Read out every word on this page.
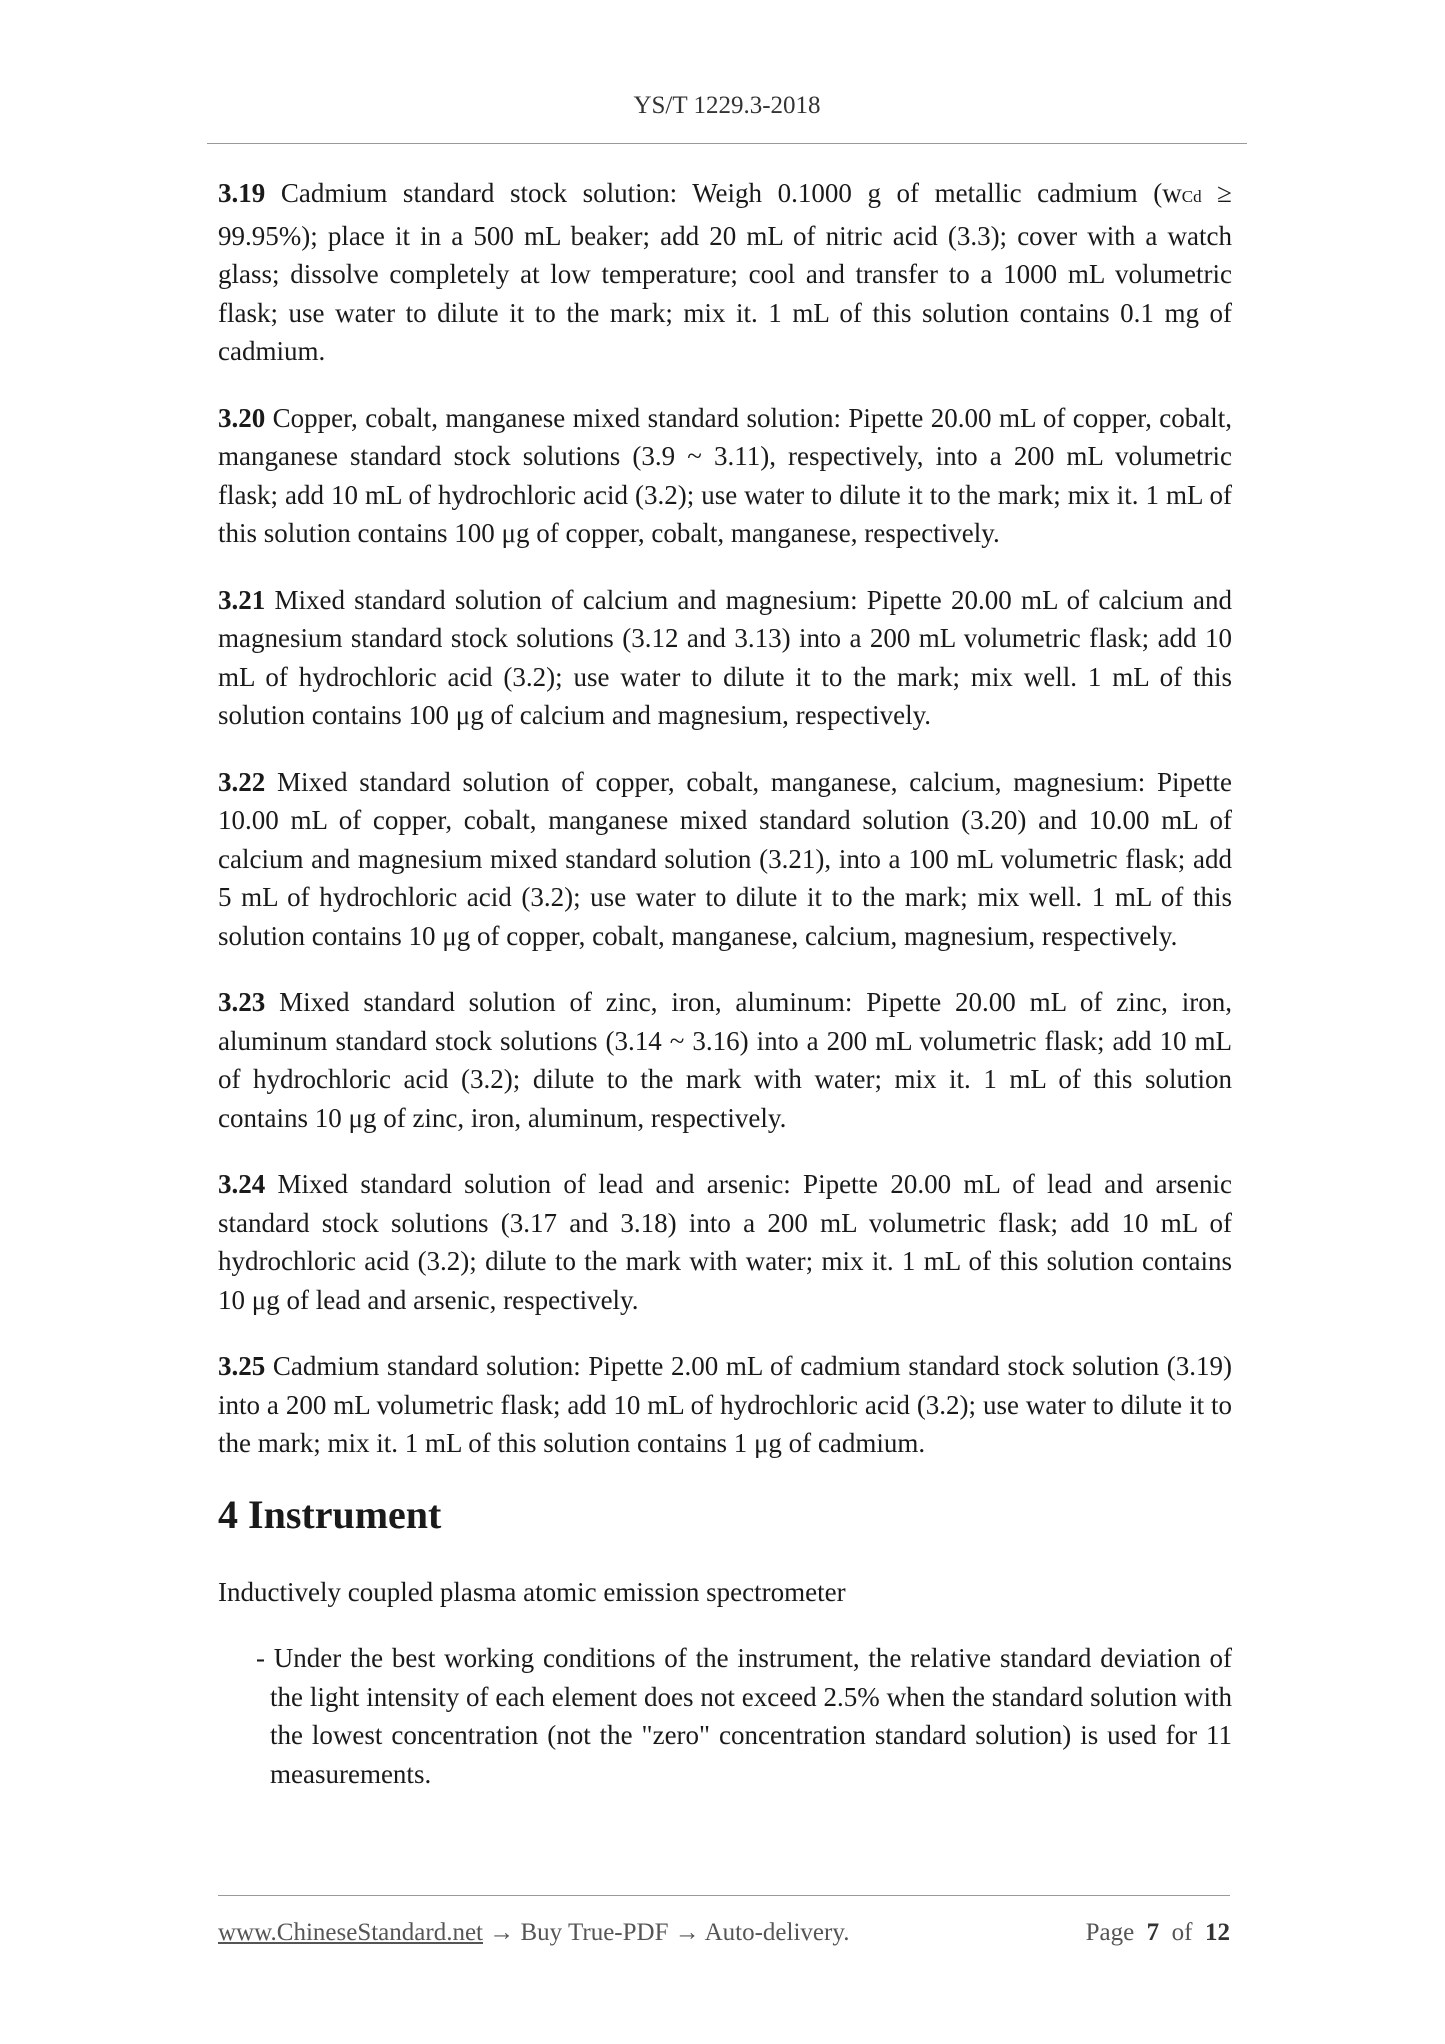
YS/T 1229.3-2018

3.19 Cadmium standard stock solution: Weigh 0.1000 g of metallic cadmium (wCd ≥ 99.95%); place it in a 500 mL beaker; add 20 mL of nitric acid (3.3); cover with a watch glass; dissolve completely at low temperature; cool and transfer to a 1000 mL volumetric flask; use water to dilute it to the mark; mix it. 1 mL of this solution contains 0.1 mg of cadmium.

3.20 Copper, cobalt, manganese mixed standard solution: Pipette 20.00 mL of copper, cobalt, manganese standard stock solutions (3.9 ~ 3.11), respectively, into a 200 mL volumetric flask; add 10 mL of hydrochloric acid (3.2); use water to dilute it to the mark; mix it. 1 mL of this solution contains 100 μg of copper, cobalt, manganese, respectively.

3.21 Mixed standard solution of calcium and magnesium: Pipette 20.00 mL of calcium and magnesium standard stock solutions (3.12 and 3.13) into a 200 mL volumetric flask; add 10 mL of hydrochloric acid (3.2); use water to dilute it to the mark; mix well. 1 mL of this solution contains 100 μg of calcium and magnesium, respectively.

3.22 Mixed standard solution of copper, cobalt, manganese, calcium, magnesium: Pipette 10.00 mL of copper, cobalt, manganese mixed standard solution (3.20) and 10.00 mL of calcium and magnesium mixed standard solution (3.21), into a 100 mL volumetric flask; add 5 mL of hydrochloric acid (3.2); use water to dilute it to the mark; mix well. 1 mL of this solution contains 10 μg of copper, cobalt, manganese, calcium, magnesium, respectively.

3.23 Mixed standard solution of zinc, iron, aluminum: Pipette 20.00 mL of zinc, iron, aluminum standard stock solutions (3.14 ~ 3.16) into a 200 mL volumetric flask; add 10 mL of hydrochloric acid (3.2); dilute to the mark with water; mix it. 1 mL of this solution contains 10 μg of zinc, iron, aluminum, respectively.

3.24 Mixed standard solution of lead and arsenic: Pipette 20.00 mL of lead and arsenic standard stock solutions (3.17 and 3.18) into a 200 mL volumetric flask; add 10 mL of hydrochloric acid (3.2); dilute to the mark with water; mix it. 1 mL of this solution contains 10 μg of lead and arsenic, respectively.

3.25 Cadmium standard solution: Pipette 2.00 mL of cadmium standard stock solution (3.19) into a 200 mL volumetric flask; add 10 mL of hydrochloric acid (3.2); use water to dilute it to the mark; mix it. 1 mL of this solution contains 1 μg of cadmium.

4 Instrument

Inductively coupled plasma atomic emission spectrometer

- Under the best working conditions of the instrument, the relative standard deviation of the light intensity of each element does not exceed 2.5% when the standard solution with the lowest concentration (not the "zero" concentration standard solution) is used for 11 measurements.

www.ChineseStandard.net → Buy True-PDF → Auto-delivery.	Page 7 of 12
